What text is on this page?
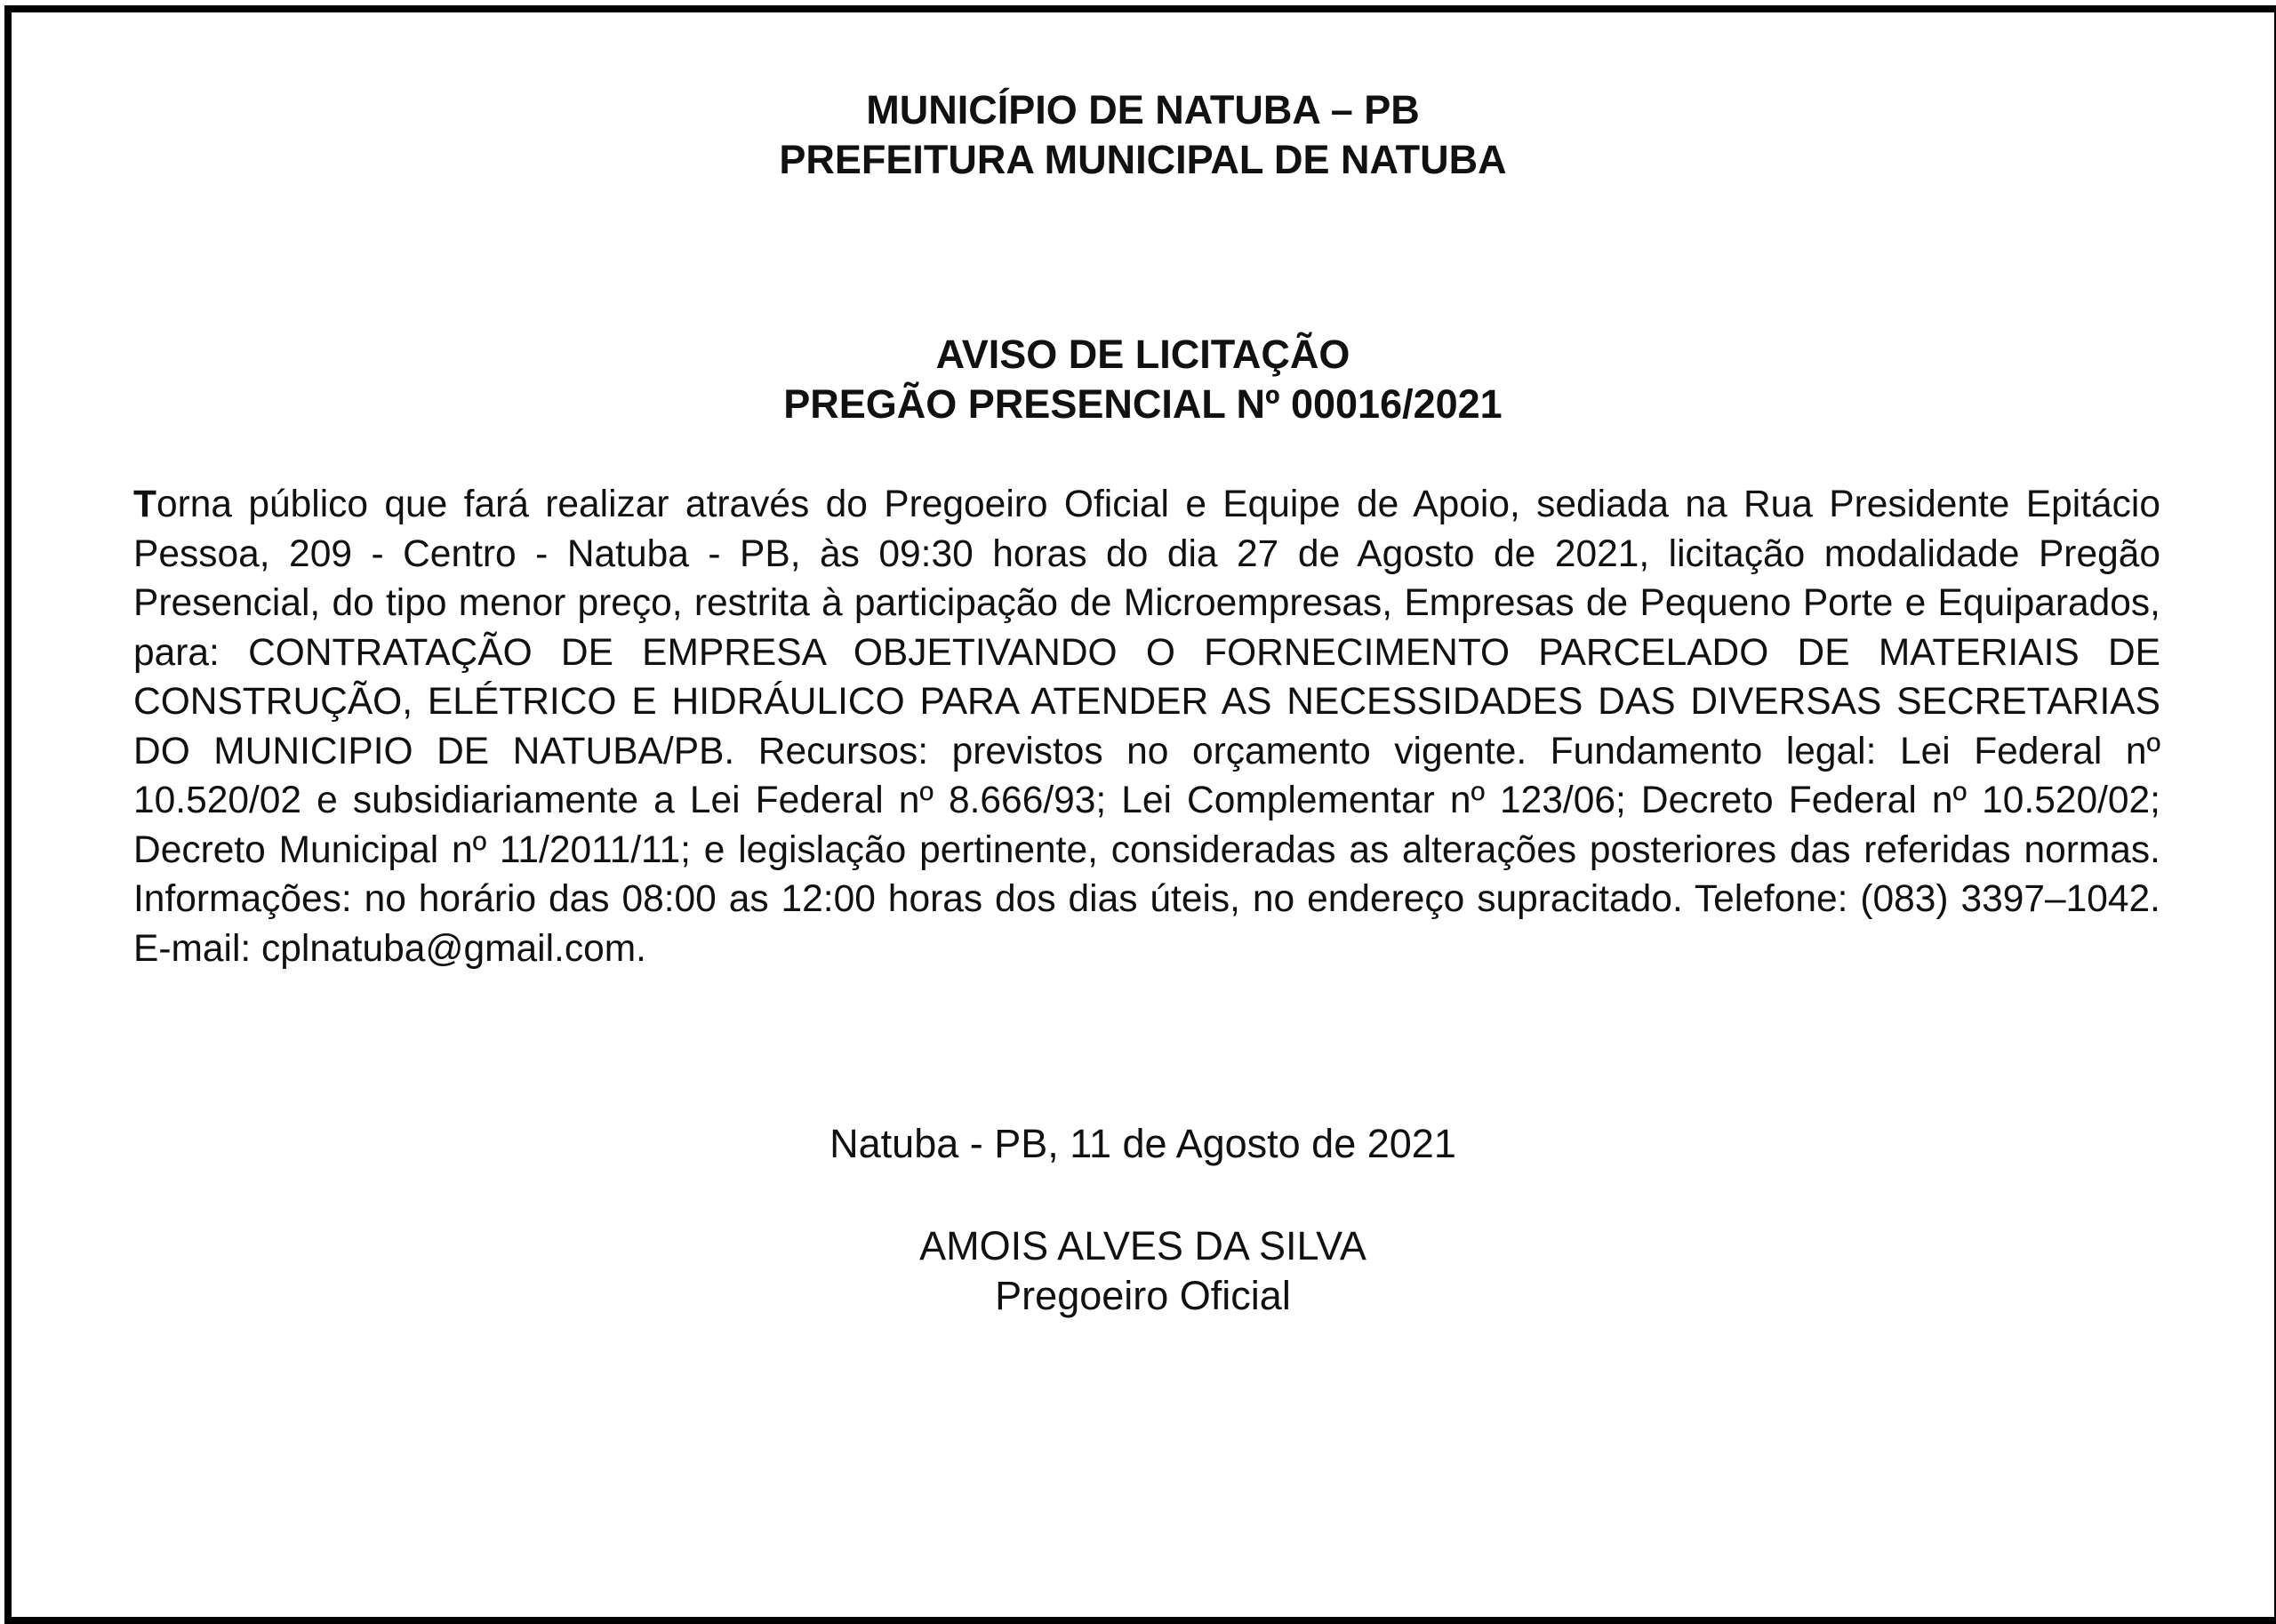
MUNICÍPIO DE NATUBA – PB
PREFEITURA MUNICIPAL DE NATUBA
AVISO DE LICITAÇÃO
PREGÃO PRESENCIAL Nº 00016/2021

Torna público que fará realizar através do Pregoeiro Oficial e Equipe de Apoio, sediada na Rua Presidente Epitácio Pessoa, 209 - Centro - Natuba - PB, às 09:30 horas do dia 27 de Agosto de 2021, licitação modalidade Pregão Presencial, do tipo menor preço, restrita à participação de Microempresas, Empresas de Pequeno Porte e Equiparados, para: CONTRATAÇÃO DE EMPRESA OBJETIVANDO O FORNECIMENTO PARCELADO DE MATERIAIS DE CONSTRUÇÃO, ELÉTRICO E HIDRÁULICO PARA ATENDER AS NECESSIDADES DAS DIVERSAS SECRETARIAS DO MUNICIPIO DE NATUBA/PB. Recursos: previstos no orçamento vigente. Fundamento legal: Lei Federal nº 10.520/02 e subsidiariamente a Lei Federal nº 8.666/93; Lei Complementar nº 123/06; Decreto Federal nº 10.520/02; Decreto Municipal nº 11/2011/11; e legislação pertinente, consideradas as alterações posteriores das referidas normas. Informações: no horário das 08:00 as 12:00 horas dos dias úteis, no endereço supracitado. Telefone: (083) 3397–1042. E-mail: cplnatuba@gmail.com.

Natuba - PB, 11 de Agosto de 2021
AMOIS ALVES DA SILVA
Pregoeiro Oficial
